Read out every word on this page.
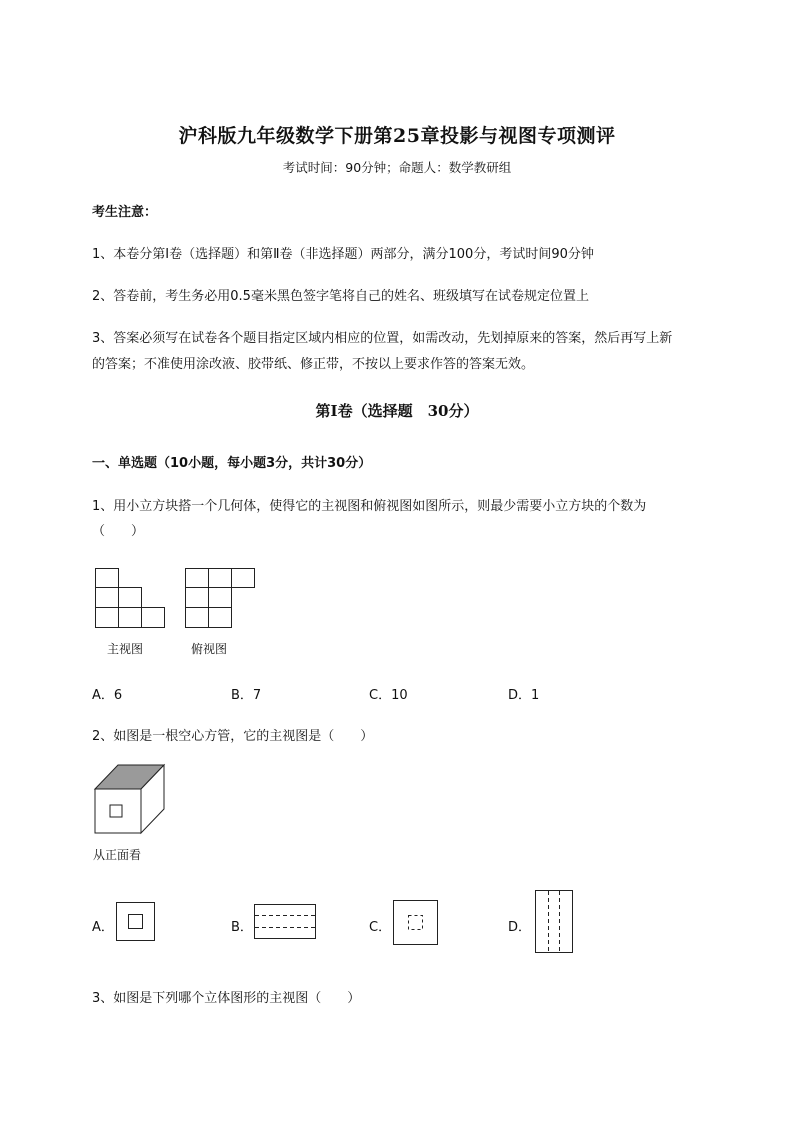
沪科版九年级数学下册第25章投影与视图专项测评
考试时间：90分钟；命题人：数学教研组
考生注意：
1、本卷分第I卷（选择题）和第Ⅱ卷（非选择题）两部分，满分100分，考试时间90分钟
2、答卷前，考生务必用0.5毫米黑色签字笔将自己的姓名、班级填写在试卷规定位置上
3、答案必须写在试卷各个题目指定区域内相应的位置，如需改动，先划掉原来的答案，然后再写上新
的答案；不准使用涂改液、胶带纸、修正带，不按以上要求作答的答案无效。
第I卷（选择题　30分）
一、单选题（10小题，每小题3分，共计30分）
1、用小立方块搭一个几何体，使得它的主视图和俯视图如图所示，则最少需要小立方块的个数为
（　　）
主视图	俯视图
A．6	B．7	C．10	D．1
2、如图是一根空心方管，它的主视图是（　　）
从正面看
A．	B．	C．	D．
3、如图是下列哪个立体图形的主视图（　　）
